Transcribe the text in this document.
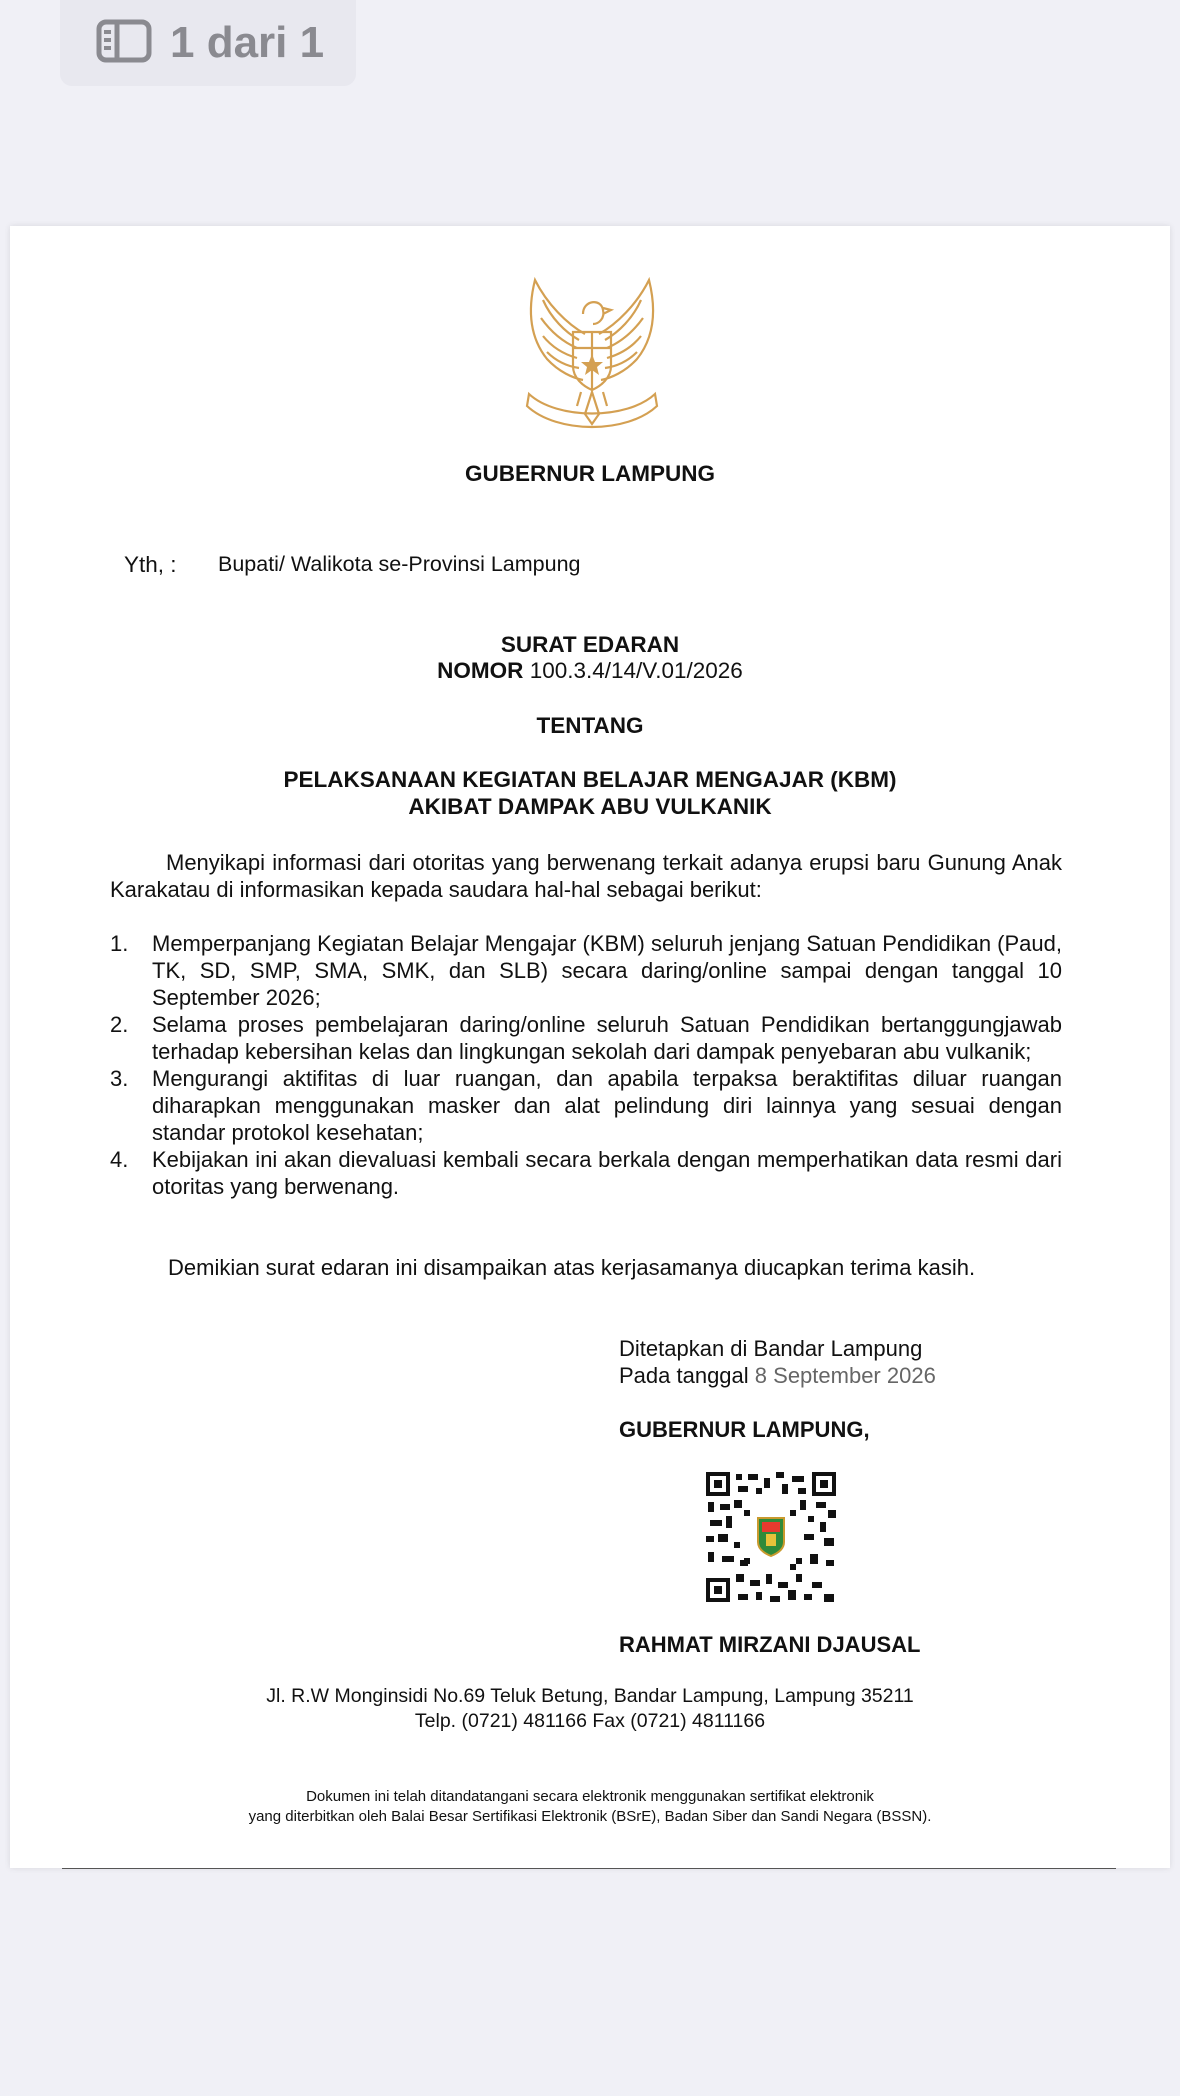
1 dari 1
GUBERNUR LAMPUNG
Yth, : Bupati/ Walikota se-Provinsi Lampung
SURAT EDARAN
NOMOR 100.3.4/14/V.01/2026
TENTANG
PELAKSANAAN KEGIATAN BELAJAR MENGAJAR (KBM)
AKIBAT DAMPAK ABU VULKANIK
Menyikapi informasi dari otoritas yang berwenang terkait adanya erupsi baru Gunung Anak Karakatau di informasikan kepada saudara hal-hal sebagai berikut:
1.	Memperpanjang Kegiatan Belajar Mengajar (KBM) seluruh jenjang Satuan Pendidikan (Paud, TK, SD, SMP, SMA, SMK, dan SLB) secara daring/online sampai dengan tanggal 10 September 2026;
2.	Selama proses pembelajaran daring/online seluruh Satuan Pendidikan bertanggungjawab terhadap kebersihan kelas dan lingkungan sekolah dari dampak penyebaran abu vulkanik;
3.	Mengurangi aktifitas di luar ruangan, dan apabila terpaksa beraktifitas diluar ruangan diharapkan menggunakan masker dan alat pelindung diri lainnya yang sesuai dengan standar protokol kesehatan;
4.	Kebijakan ini akan dievaluasi kembali secara berkala dengan memperhatikan data resmi dari otoritas yang berwenang.
Demikian surat edaran ini disampaikan atas kerjasamanya diucapkan terima kasih.
Ditetapkan di Bandar Lampung
Pada tanggal 8 September 2026
GUBERNUR LAMPUNG,
RAHMAT MIRZANI DJAUSAL
Jl. R.W Monginsidi No.69 Teluk Betung, Bandar Lampung, Lampung 35211
Telp. (0721) 481166 Fax (0721) 4811166
Dokumen ini telah ditandatangani secara elektronik menggunakan sertifikat elektronik
yang diterbitkan oleh Balai Besar Sertifikasi Elektronik (BSrE), Badan Siber dan Sandi Negara (BSSN).
